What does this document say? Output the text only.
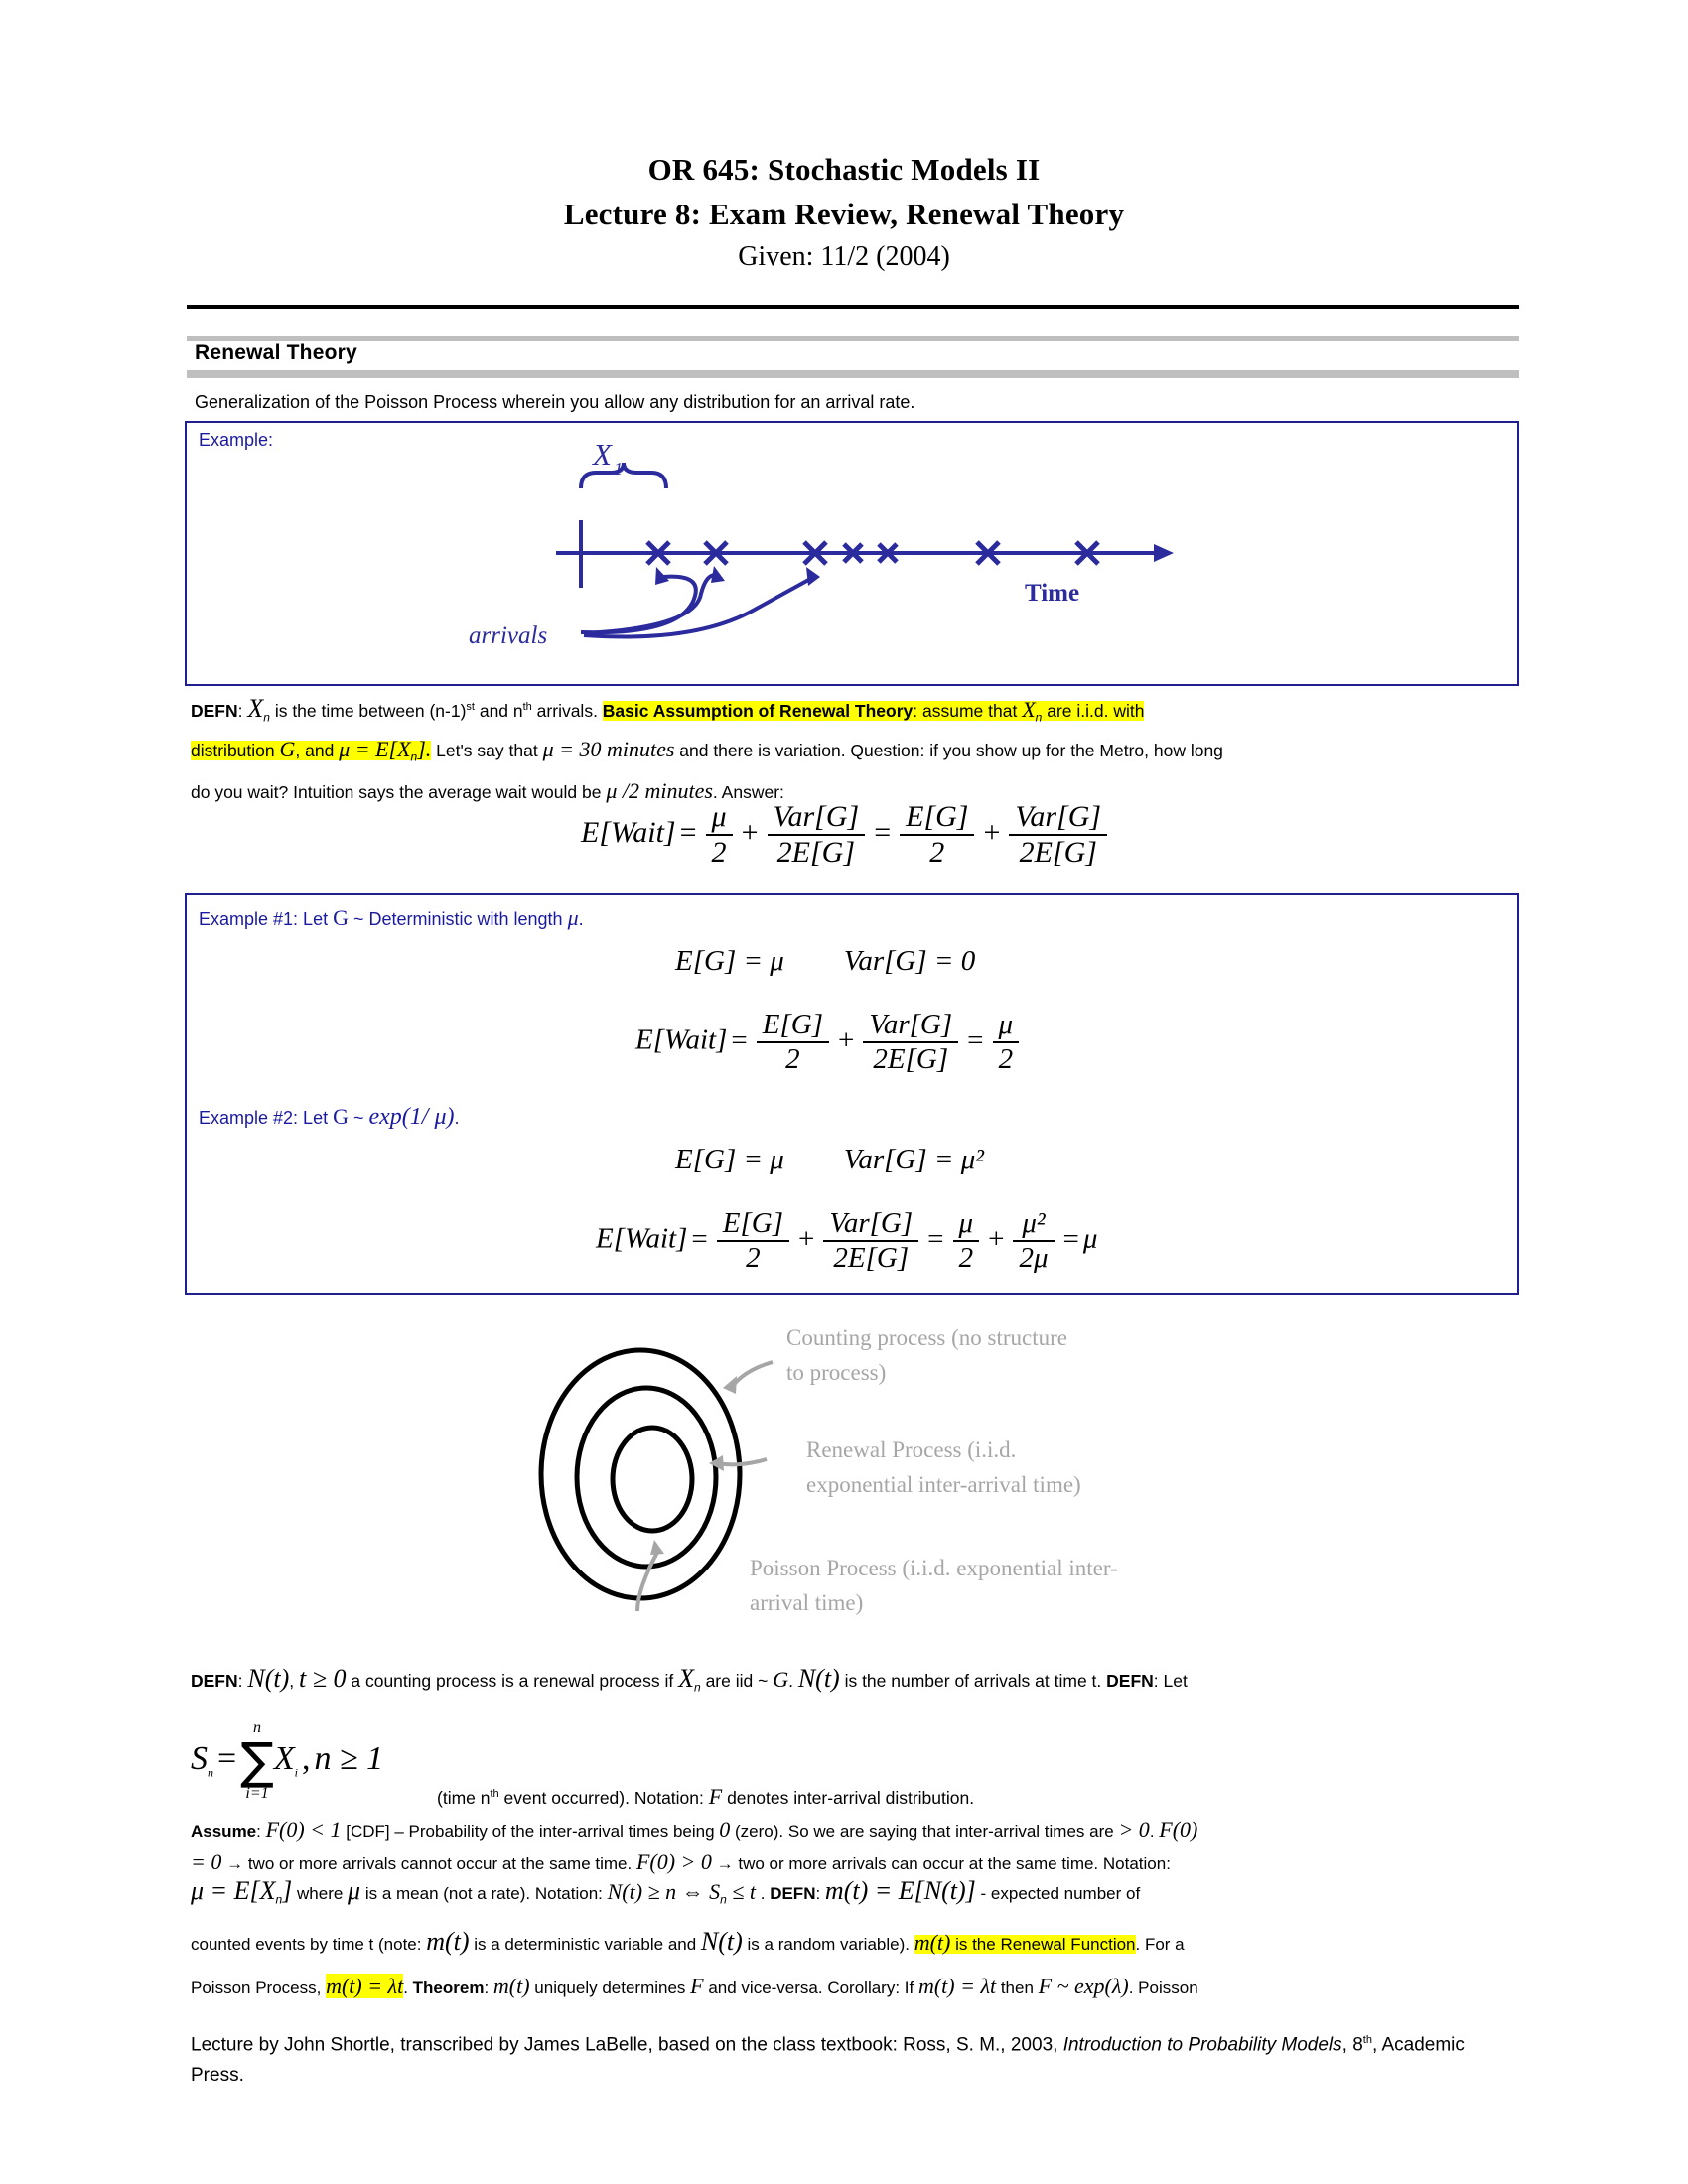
OR 645: Stochastic Models II
Lecture 8: Exam Review, Renewal Theory
Given: 11/2 (2004)
Renewal Theory
Generalization of the Poisson Process wherein you allow any distribution for an arrival rate.
Example:	X 1
arrivals
Time
DEFN: $X_n$ is the time between $(n-1)^{st}$ and $n^{th}$ arrivals. Basic Assumption of Renewal Theory: assume that $X_n$ are i.i.d. with
distribution G, and $\mu = E[X_n]$. Let's say that μ = 30 minutes and there is variation. Question: if you show up for the Metro, how long
do you wait? Intuition says the average wait would be μ /2 minutes. Answer:
E[Wait] = $\frac{\mu}{2} + \frac{\text{Var[G]}}{2E[G]} = \frac{E[G]}{2} + \frac{\text{Var[G]}}{2E[G]}$
Example #1: Let G ~ Deterministic with length μ.
E[G] = μ Var[G] = 0
E[Wait] = $\frac{E[G]}{2} + \frac{\text{Var[G]}}{2E[G]} = \frac{\mu}{2}$
Example #2: Let G ~ exp(1/ μ).
E[G] = μ Var[G] = μ²
E[Wait] = $\frac{E[G]}{2} + \frac{\text{Var[G]}}{2E[G]} = \frac{\mu}{2} + \frac{\text{μ²}}{2\mu} = \mu$
Counting process (no structure to process)
Renewal Process (i.i.d. exponential inter-arrival time)
Poisson Process (i.i.d. exponential inter-arrival time)
DEFN: N(t), t ≥ 0 a counting process is a renewal process if $X_n$ are iid ~ G. N(t) is the number of arrivals at time t. DEFN: Let
$S_n$ =
n
∑
i=1
$X_i$ , n ≥ 1
(time $n^{th}$ event occurred). Notation: F denotes inter-arrival distribution.
Assume: F(0) < 1 [CDF] – Probability of the inter-arrival times being 0 (zero). So we are saying that inter-arrival times are > 0. F(0)
= 0 → two or more arrivals cannot occur at the same time. F(0) > 0 → two or more arrivals can occur at the same time. Notation:
$\mu = E[X_n]$ where μ is a mean (not a rate). Notation: N(t) ≥ n ⇔ $S_n \le t$ . DEFN: m(t) = E[N(t)] - expected number of
counted events by time t (note: m(t) is a deterministic variable and N(t) is a random variable). m(t) is the Renewal Function. For a
Poisson Process, m(t) = λt. Theorem: m(t) uniquely determines F and vice-versa. Corollary: If m(t) = λt then F ~ exp(λ). Poisson
Lecture by John Shortle, transcribed by James LaBelle, based on the class textbook: Ross, S. M., 2003, Introduction to Probability Models, 8th, Academic Press.
